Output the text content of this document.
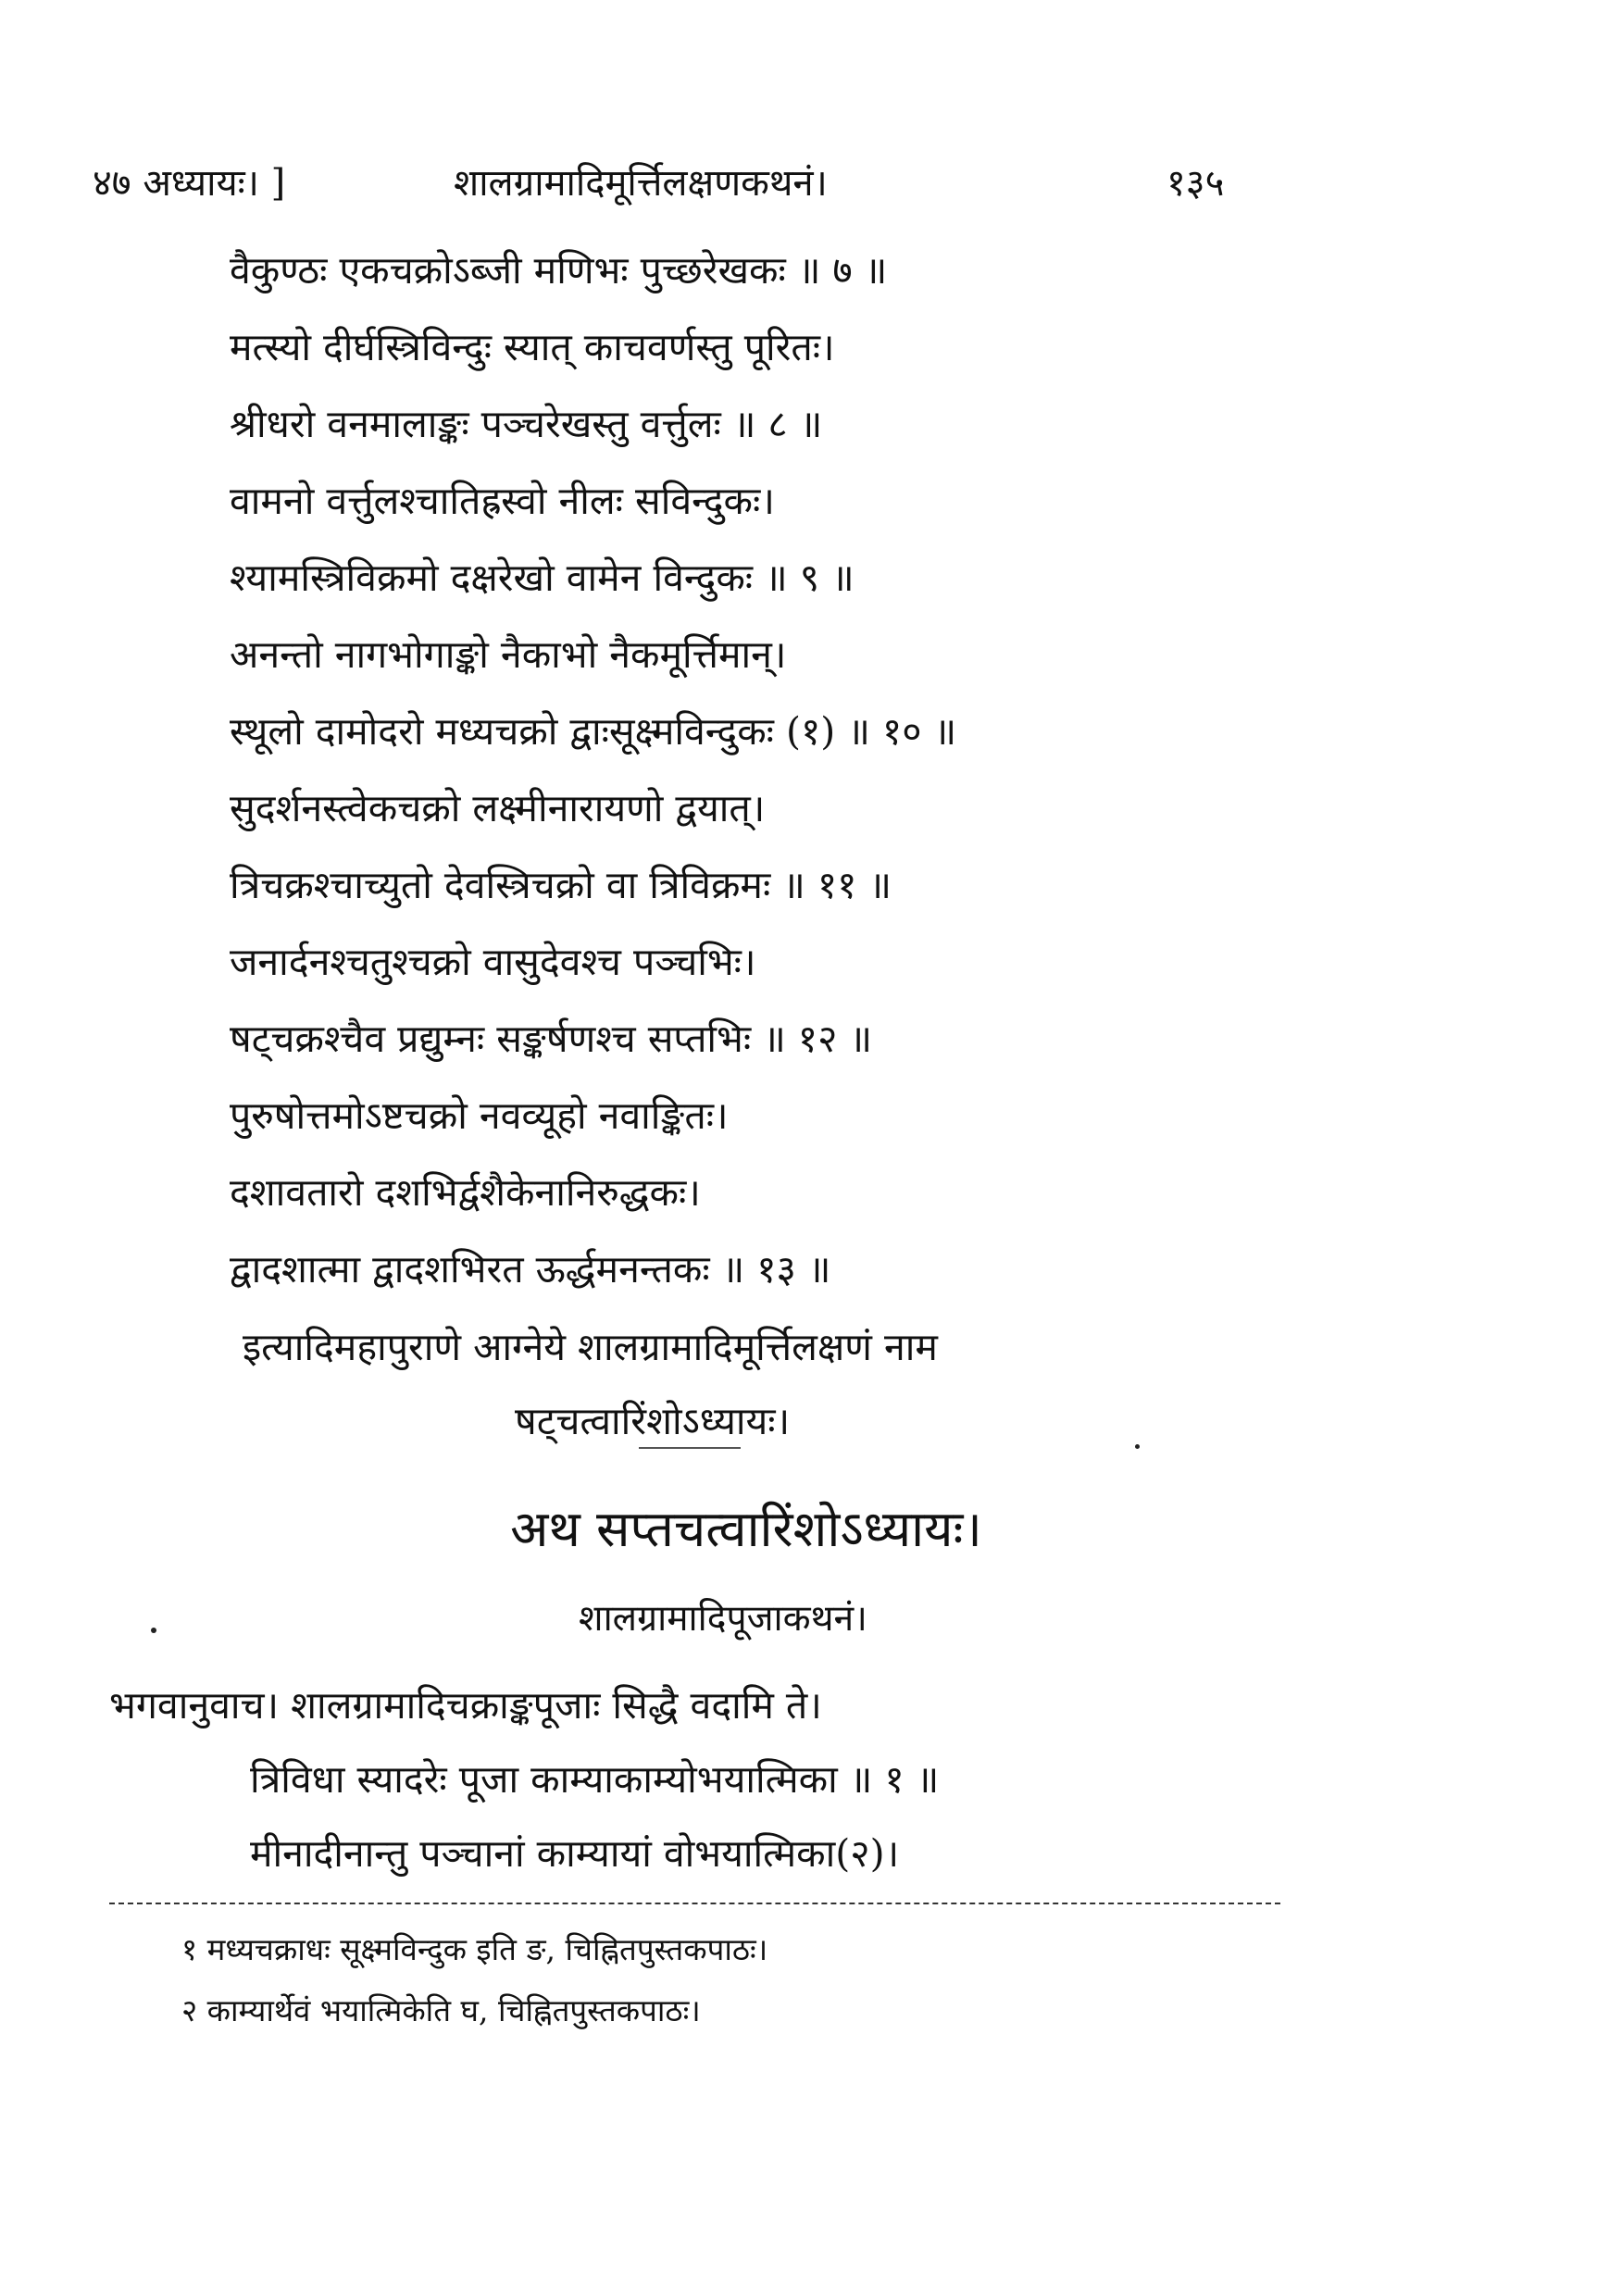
४७ अध्यायः। ]	शालग्रामादिमूर्त्तिलक्षणकथनं।	१३५
वैकुण्ठः एकचक्रोऽब्जी मणिभः पुच्छरेखकः ॥ ७ ॥
मत्स्यो दीर्घस्त्रिविन्दुः स्यात् काचवर्णस्तु पूरितः।
श्रीधरो वनमालाङ्कः पञ्चरेखस्तु वर्त्तुलः ॥ ८ ॥
वामनो वर्त्तुलश्चातिह्रस्वो नीलः सविन्दुकः।
श्यामस्त्रिविक्रमो दक्षरेखो वामेन विन्दुकः ॥ ९ ॥
अनन्तो नागभोगाङ्को नैकाभो नैकमूर्त्तिमान्।
स्थूलो दामोदरो मध्यचक्रो द्वाःसूक्ष्मविन्दुकः (१) ॥ १० ॥
सुदर्शनस्त्वेकचक्रो लक्ष्मीनारायणो द्वयात्।
त्रिचक्रश्चाच्युतो देवस्त्रिचक्रो वा त्रिविक्रमः ॥ ११ ॥
जनार्दनश्चतुश्चक्रो वासुदेवश्च पञ्चभिः।
षट्चक्रश्चैव प्रद्युम्नः सङ्कर्षणश्च सप्तभिः ॥ १२ ॥
पुरुषोत्तमोऽष्टचक्रो नवव्यूहो नवाङ्कितः।
दशावतारो दशभिर्द्वशैकेनानिरुद्धकः।
द्वादशात्मा द्वादशभिरत ऊर्द्धमनन्तकः ॥ १३ ॥
इत्यादिमहापुराणे आग्नेये शालग्रामादिमूर्त्तिलक्षणं नाम
षट्चत्वारिंशोऽध्यायः।
अथ सप्तचत्वारिंशोऽध्यायः।
शालग्रामादिपूजाकथनं।
भगवानुवाच। शालग्रामादिचक्राङ्कपूजाः सिद्धै वदामि ते।
त्रिविधा स्यादरेः पूजा काम्याकाम्योभयात्मिका ॥ १ ॥
मीनादीनान्तु पञ्चानां काम्यायां वोभयात्मिका(२)।
१ मध्यचक्राधः सूक्ष्मविन्दुक इति ङ, चिह्नितपुस्तकपाठः।
२ काम्यार्थेवं भयात्मिकेति घ, चिह्नितपुस्तकपाठः।
